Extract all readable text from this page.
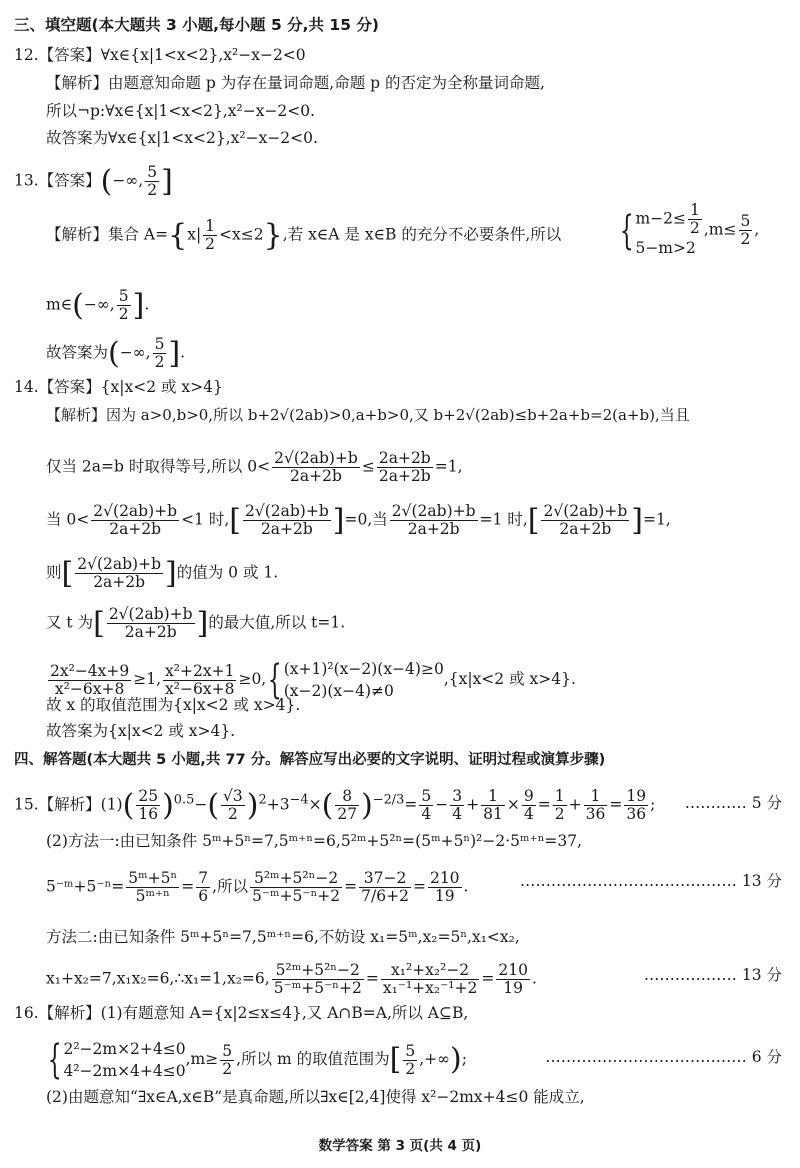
三、填空题(本大题共 3 小题,每小题 5 分,共 15 分)
12.【答案】∀x∈{x|1<x<2},x²−x−2<0
【解析】由题意知命题 p 为存在量词命题,命题 p 的否定为全称量词命题,
所以¬p:∀x∈{x|1<x<2},x²−x−2<0.
故答案为∀x∈{x|1<x<2},x²−x−2<0.
13.【答案】(−∞, $\frac{5}{2}$ ]
【解析】集合 $A=\{x| \frac{1}{2} <x\le 2\}$,若 x∈A 是 x∈B 的充分不必要条件,所以 { $m-2\le \frac{1}{2}$
5−m>2
$,m\le \frac{5}{2}$ ,
m∈(−∞, $\frac{5}{2}$ ].
故答案为(−∞, $\frac{5}{2}$ ].
14.【答案】{x|x<2 或 x>4}
【解析】因为 a>0,b>0,所以 b+2√(2ab)>0,a+b>0,又 b+2√(2ab)≤b+2a+b=2(a+b),当且
仅当 2a=b 时取得等号,所以 $0< \frac{2√(2ab)+b}{2a+2b} \le \frac{2a+2b}{2a+2b} =1$,
当 $0< \frac{2√(2ab)+b}{2a+2b} <1$ 时,[ $\frac{2√(2ab)+b}{2a+2b} ]=0$,当 $\frac{2√(2ab)+b}{2a+2b} =1$ 时,[ $\frac{2√(2ab)+b}{2a+2b} ]=1$,
则[ $\frac{2√(2ab)+b}{2a+2b}$ ]的值为 0 或 1.
又 t 为[ $\frac{2√(2ab)+b}{2a+2b}$ ]的最大值,所以 t=1.
$\frac{\text{2x²−4x+9}}{\text{x²−6x+8}} \ge 1$, $\frac{\text{x²+2x+1}}{\text{x²−6x+8}} \ge 0$,{ (x+1)²(x−2)(x−4)≥0
(x−2)(x−4)≠0
,{x|x<2 或 x>4}.
故 x 的取值范围为{x|x<2 或 x>4}.
故答案为{x|x<2 或 x>4}.
四、解答题(本大题共 5 小题,共 77 分。解答应写出必要的文字说明、证明过程或演算步骤)
15.【解析】$(1)( \frac{25}{16} )^{0.5}-( \frac{√3}{2} )^2+3^{-4}\times( \frac{8}{27} )^{-2/3}= \frac{5}{4} - \frac{3}{4} + \frac{1}{81} \times \frac{9}{4} = \frac{1}{2} + \frac{1}{36} = \frac{19}{36}$ ; ………… 5 分
(2)方法一:由已知条件 5ᵐ+5ⁿ=7,5ᵐ⁺ⁿ=6,5²ᵐ+5²ⁿ=(5ᵐ+5ⁿ)²−2·5ᵐ⁺ⁿ=37,
5⁻ᵐ+5⁻ⁿ= $\frac{\text{5ᵐ+5ⁿ}}{\text{5ᵐ⁺ⁿ}} = \frac{7}{6}$ ,所以 $\frac{\text{5²ᵐ+5²ⁿ−2}}{\text{5⁻ᵐ+5⁻ⁿ+2}} = \frac{37-2}{7/6+2} = \frac{210}{19}$ .	…………………………………… 13 分
方法二:由已知条件 5ᵐ+5ⁿ=7,5ᵐ⁺ⁿ=6,不妨设 x₁=5ᵐ,x₂=5ⁿ,x₁<x₂,
x₁+x₂=7,x₁x₂=6,∴x₁=1,x₂=6, $\frac{\text{5²ᵐ+5²ⁿ−2}}{\text{5⁻ᵐ+5⁻ⁿ+2}} = \frac{\text{x₁²+x₂²−2}}{\text{x₁⁻¹+x₂⁻¹+2}} = \frac{210}{19}$ .	……………… 13 分
16.【解析】(1)有题意知 A={x|2≤x≤4},又 A∩B=A,所以 A⊆B,
{ 2²−2m×2+4≤0
4²−2m×4+4≤0
$,m\ge \frac{5}{2}$ ,所以 m 的取值范围为[ $\frac{5}{2}$ ,+∞);	………………………………… 6 分
(2)由题意知“∃x∈A,x∈B”是真命题,所以∃x∈[2,4]使得 x²−2mx+4≤0 能成立,
数学答案 第 3 页(共 4 页)
